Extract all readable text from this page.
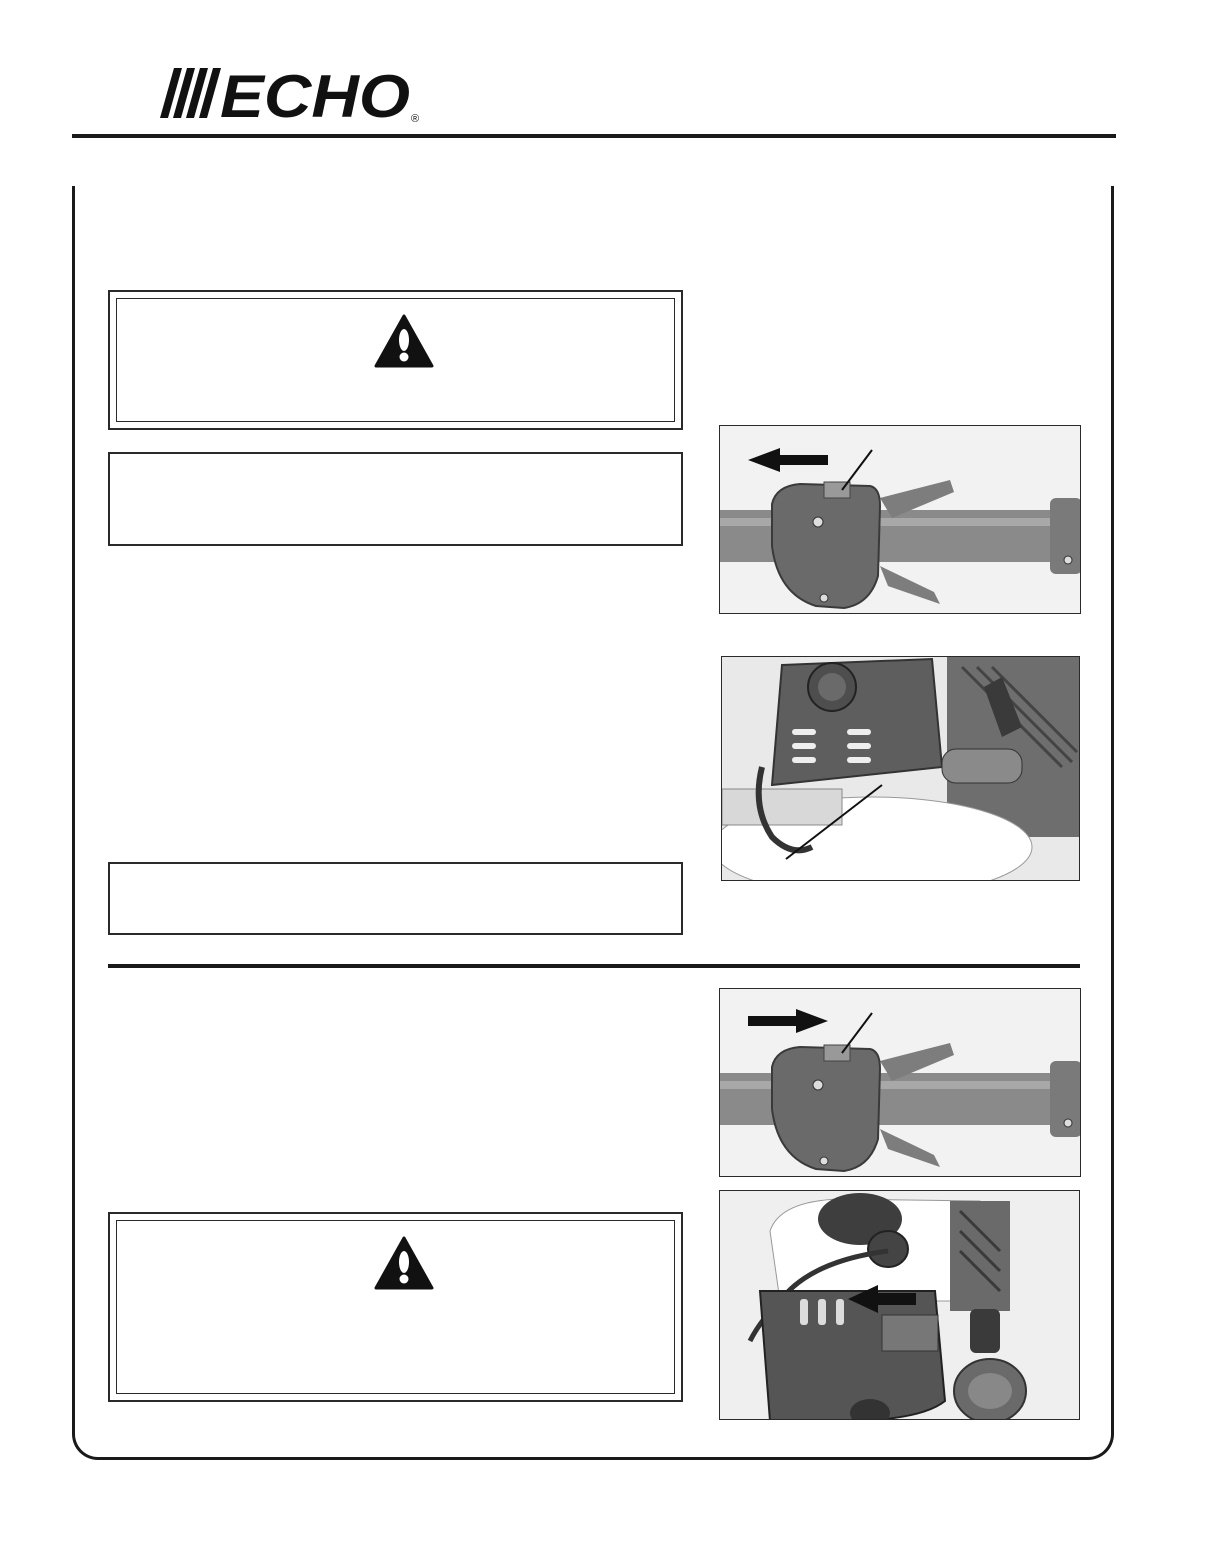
ECHO ®
